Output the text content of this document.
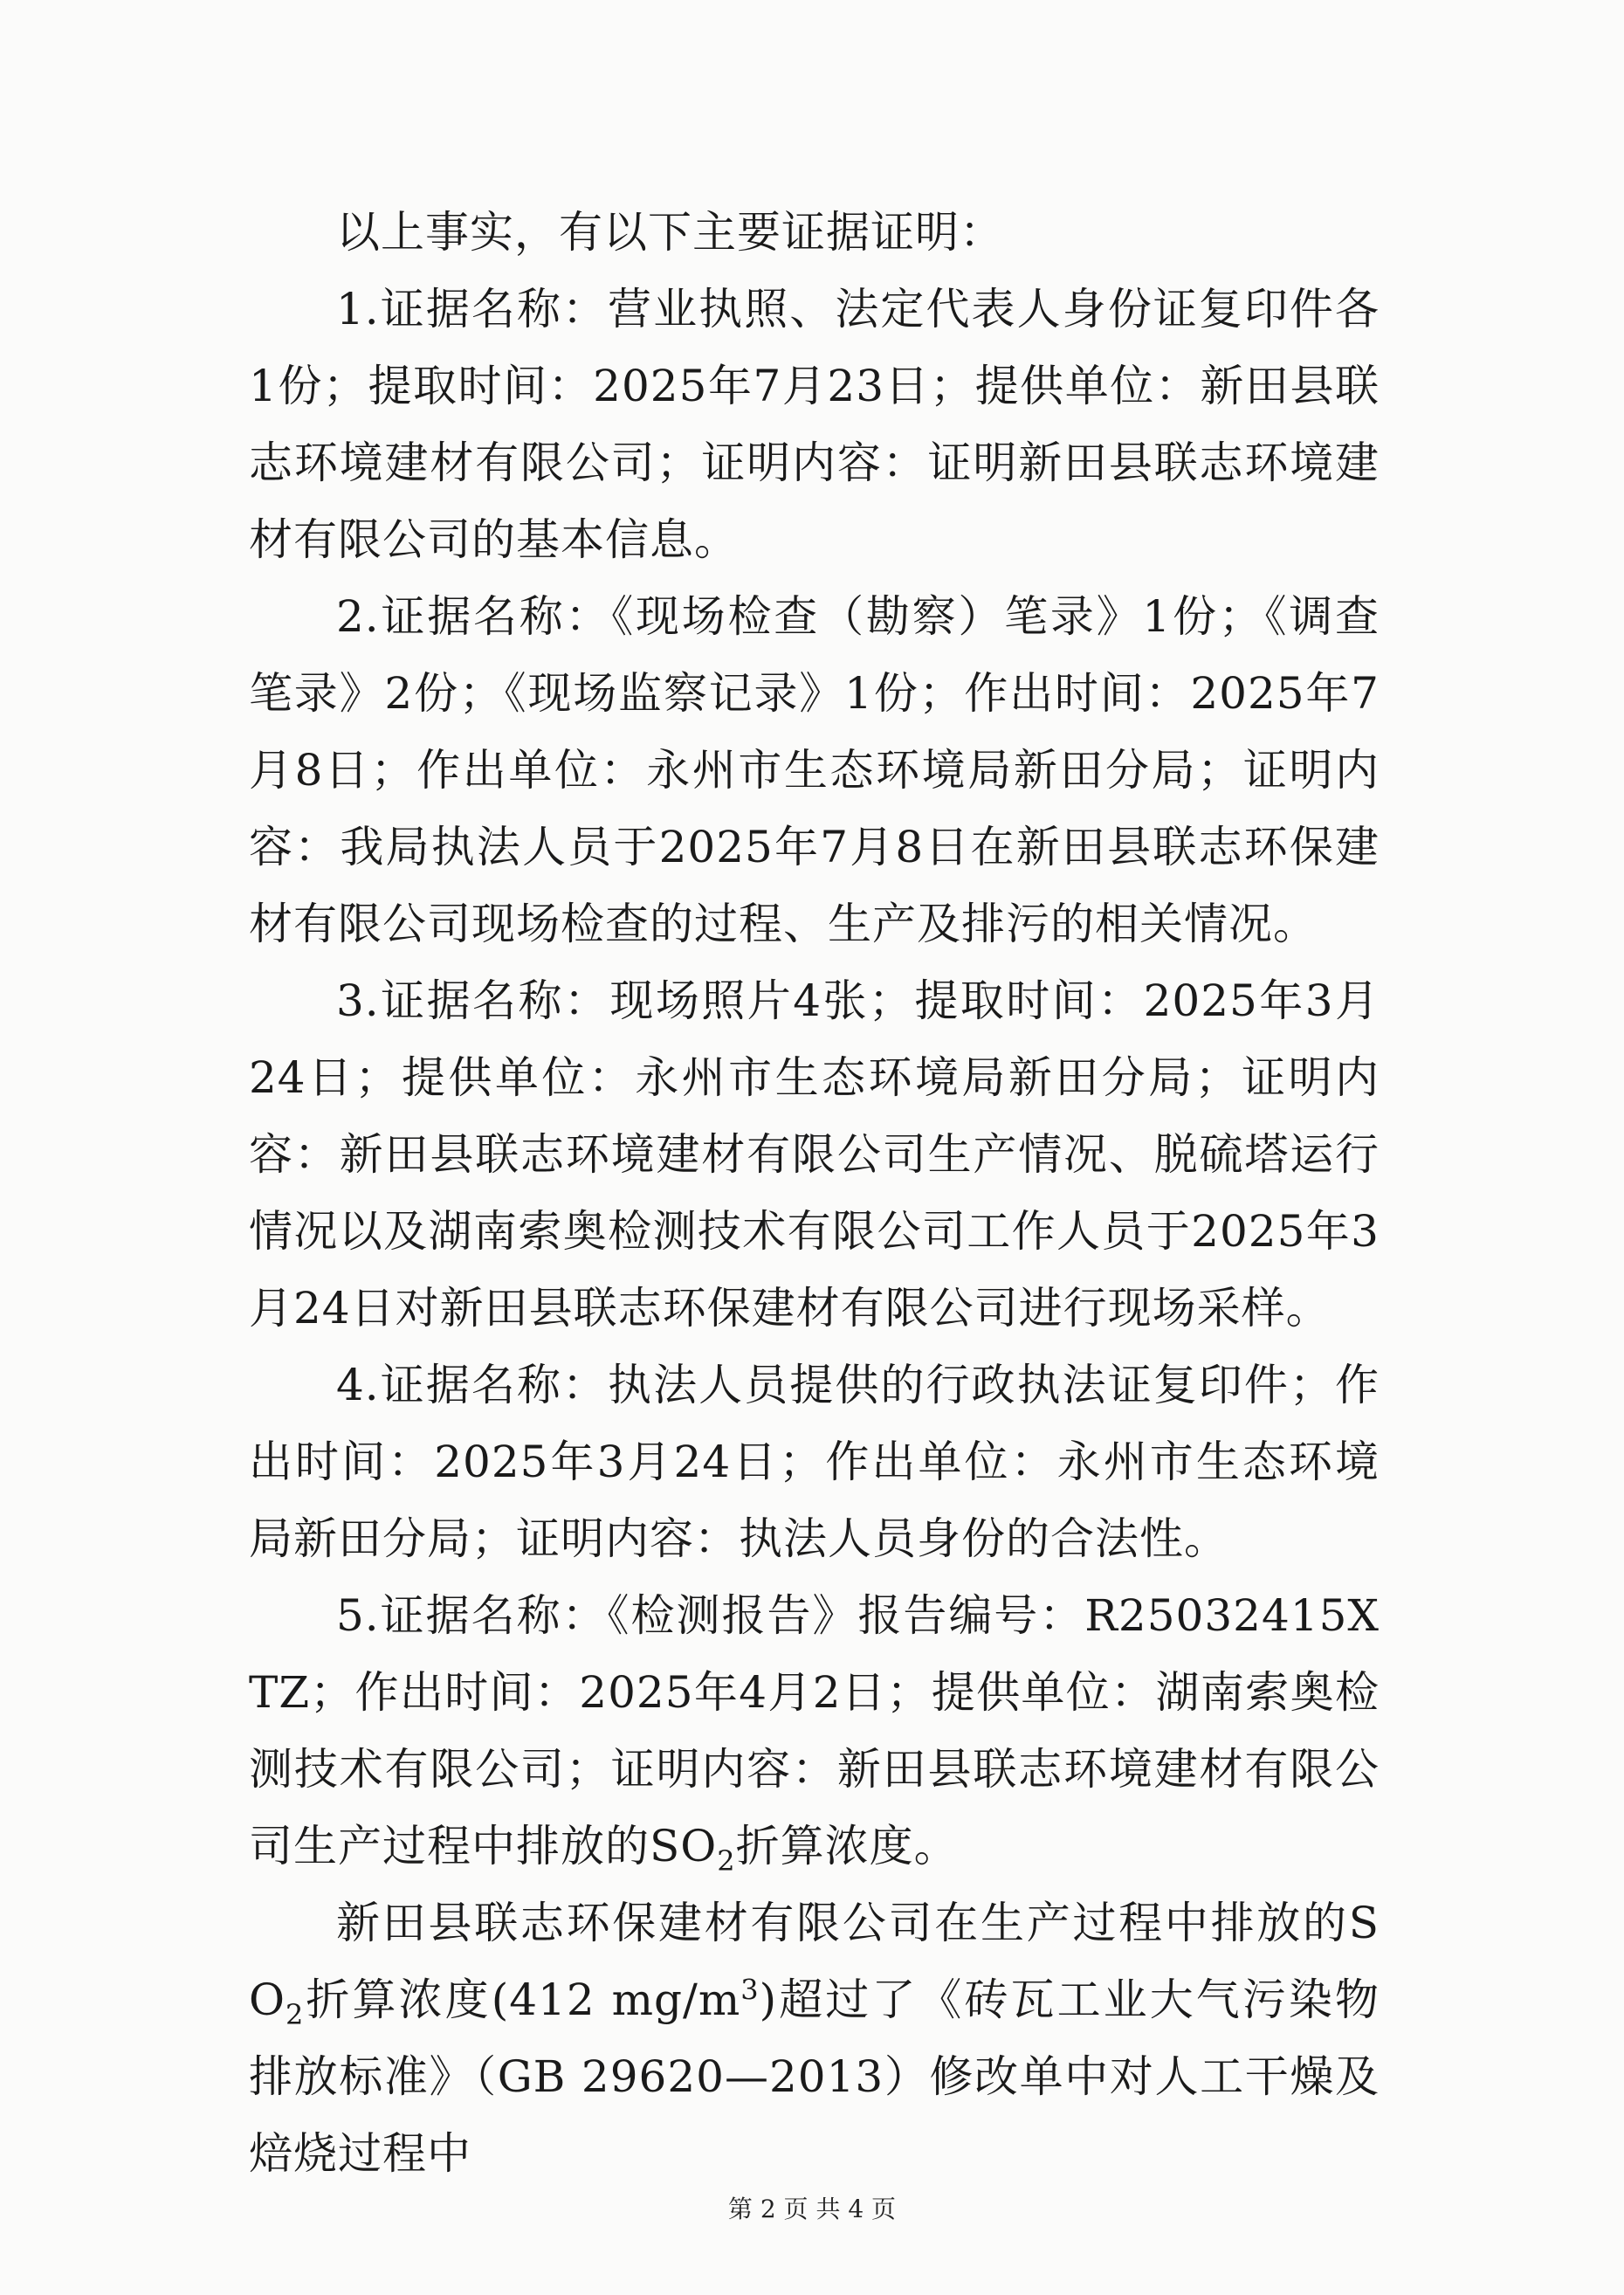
以上事实，有以下主要证据证明：

1.证据名称：营业执照、法定代表人身份证复印件各1份；提取时间：2025年7月23日；提供单位：新田县联志环境建材有限公司；证明内容：证明新田县联志环境建材有限公司的基本信息。

2.证据名称：《现场检查（勘察）笔录》1份；《调查笔录》2份；《现场监察记录》1份；作出时间：2025年7月8日；作出单位：永州市生态环境局新田分局；证明内容：我局执法人员于2025年7月8日在新田县联志环保建材有限公司现场检查的过程、生产及排污的相关情况。

3.证据名称：现场照片4张；提取时间：2025年3月24日；提供单位：永州市生态环境局新田分局；证明内容：新田县联志环境建材有限公司生产情况、脱硫塔运行情况以及湖南索奥检测技术有限公司工作人员于2025年3月24日对新田县联志环保建材有限公司进行现场采样。

4.证据名称：执法人员提供的行政执法证复印件；作出时间：2025年3月24日；作出单位：永州市生态环境局新田分局；证明内容：执法人员身份的合法性。

5.证据名称：《检测报告》报告编号：R25032415XTZ；作出时间：2025年4月2日；提供单位：湖南索奥检测技术有限公司；证明内容：新田县联志环境建材有限公司生产过程中排放的$SO_2$折算浓度。

新田县联志环保建材有限公司在生产过程中排放的$SO_2$折算浓度(412 $mg/m^3$)超过了《砖瓦工业大气污染物排放标准》（GB 29620—2013）修改单中对人工干燥及焙烧过程中

第 2 页 共 4 页
